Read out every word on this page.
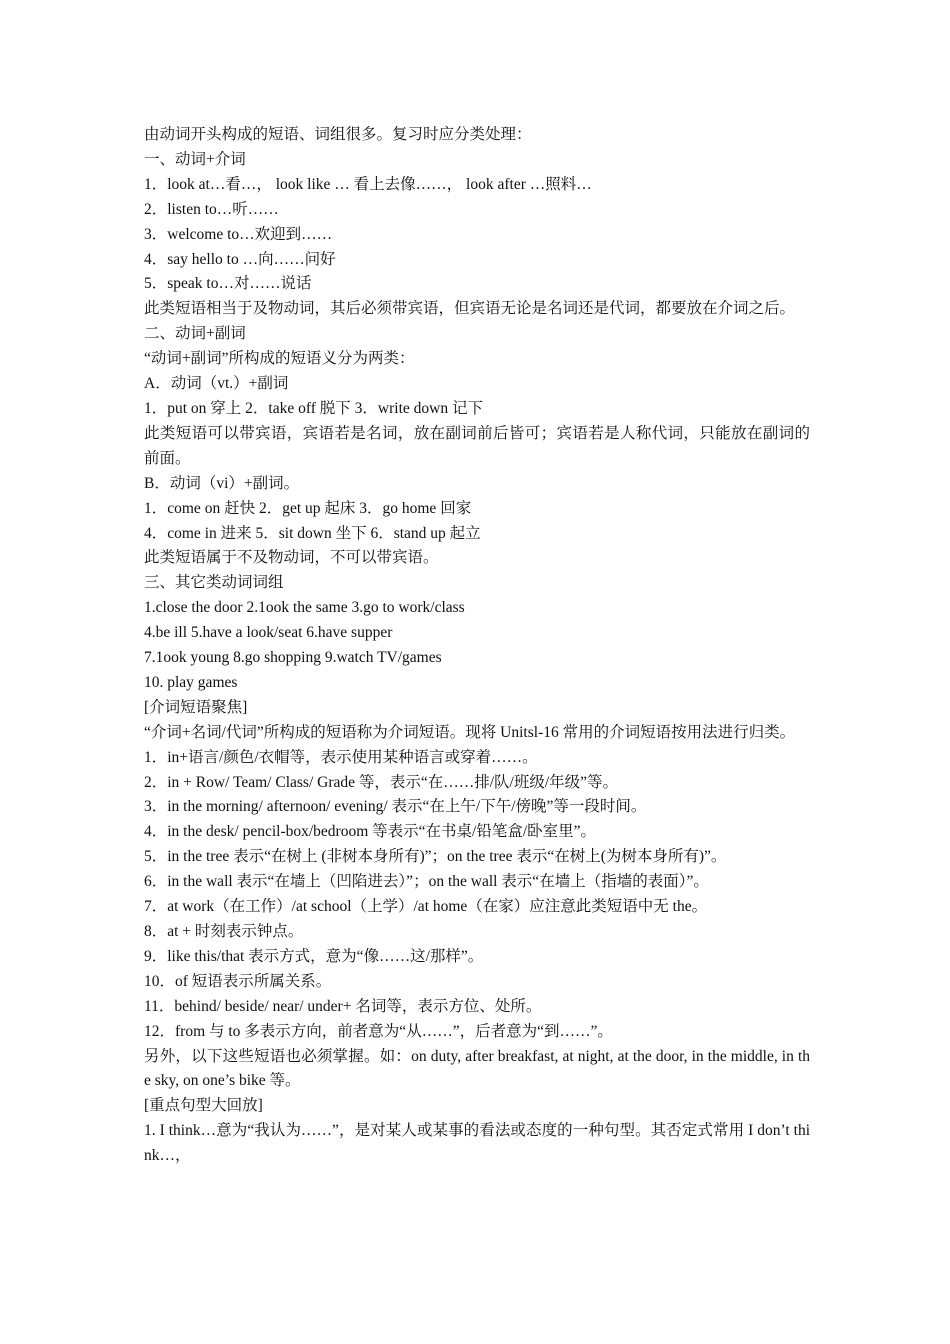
由动词开头构成的短语、词组很多。复习时应分类处理：
一、动词+介词
1．look at…看…， look like … 看上去像……， look after …照料…
2．listen to…听……
3．welcome to…欢迎到……
4．say hello to …向……问好
5．speak to…对……说话
此类短语相当于及物动词，其后必须带宾语，但宾语无论是名词还是代词，都要放在介词之后。
二、动词+副词
“动词+副词”所构成的短语义分为两类：
A．动词（vt.）+副词
1．put on 穿上 2．take off 脱下 3．write down 记下
此类短语可以带宾语，宾语若是名词，放在副词前后皆可；宾语若是人称代词，只能放在副词的前面。
B．动词（vi）+副词。
1．come on 赶快 2．get up 起床 3．go home 回家
4．come in 进来 5．sit down 坐下 6．stand up 起立
此类短语属于不及物动词，不可以带宾语。
三、其它类动词词组
1.close the door 2.1ook the same 3.go to work/class
4.be ill 5.have a look/seat 6.have supper
7.1ook young 8.go shopping 9.watch TV/games
10. play games
[介词短语聚焦]
“介词+名词/代词”所构成的短语称为介词短语。现将 Unitsl-16 常用的介词短语按用法进行归类。
1．in+语言/颜色/衣帽等，表示使用某种语言或穿着……。
2．in + Row/ Team/ Class/ Grade 等，表示“在……排/队/班级/年级”等。
3．in the morning/ afternoon/ evening/ 表示“在上午/下午/傍晚”等一段时间。
4．in the desk/ pencil-box/bedroom 等表示“在书桌/铅笔盒/卧室里”。
5．in the tree 表示“在树上 (非树本身所有)”；on the tree 表示“在树上(为树本身所有)”。
6．in the wall 表示“在墙上（凹陷进去）”；on the wall 表示“在墙上（指墙的表面）”。
7．at work（在工作）/at school（上学）/at home（在家）应注意此类短语中无 the。
8．at + 时刻表示钟点。
9．like this/that 表示方式，意为“像……这/那样”。
10．of 短语表示所属关系。
11．behind/ beside/ near/ under+ 名词等，表示方位、处所。
12．from 与 to 多表示方向，前者意为“从……”，后者意为“到……”。
另外，以下这些短语也必须掌握。如：on duty, after breakfast, at night, at the door, in the middle, in the sky, on one’s bike 等。
[重点句型大回放]
1. I think…意为“我认为……”，是对某人或某事的看法或态度的一种句型。其否定式常用 I don’t think…，
